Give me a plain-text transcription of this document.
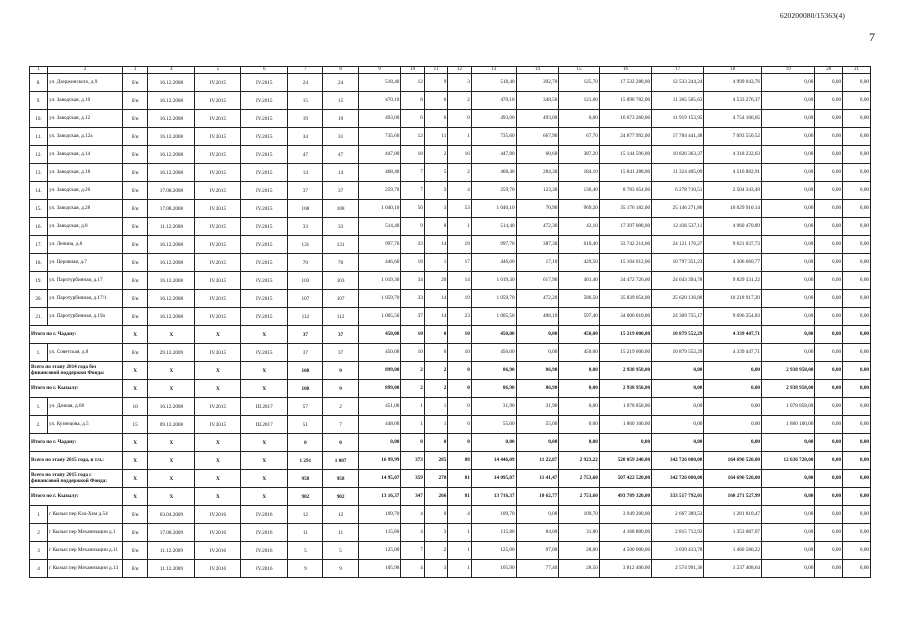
620200080/15363(4)
7
1	2	3	4	5	6	7	8	9	10	11	12	13	14	15	16	17	18	19	20	21
8.	ул. Дзержинского, д.9	б/н	16.12.2008	IV.2015	IV.2015	24	24	518,40	12	9	3	518,40	392,70	125,70	17 532 288,00	12 533 244,24	4 999 043,76	0,00	0,00	0,00
9.	ул. Заводская, д.10	б/н	16.12.2008	IV.2015	IV.2015	15	15	470,10	8	6	2	470,10	348,50	121,60	15 898 782,00	11 365 505,63	4 533 276,37	0,00	0,00	0,00
10.	ул. Заводская, д.12	б/н	16.12.2008	IV.2015	IV.2015	19	19	493,00	6	6	0	493,00	493,00	0,00	16 673 260,00	11 919 153,95	4 754 106,05	0,00	0,00	0,00
11.	ул. Заводская, д.12а	б/н	16.12.2008	IV.2015	IV.2015	34	31	735,60	12	11	1	735,60	667,90	67,70	24 877 992,00	17 784 441,48	7 093 550,52	0,00	0,00	0,00
12.	ул. Заводская, д.14	б/н	16.12.2008	IV.2015	IV.2015	47	47	447,80	18	2	16	447,80	60,60	387,20	15 144 596,00	10 826 363,37	4 318 232,63	0,00	0,00	0,00
13.	ул. Заводская, д.18	б/н	16.12.2008	IV.2015	IV.2015	14	14	468,40	7	5	2	468,40	284,30	184,10	15 841 288,00	11 324 405,09	4 516 882,91	0,00	0,00	0,00
14.	ул. Заводская, д.26	б/н	17.08.2008	IV.2015	IV.2015	37	37	259,70	7	3	4	259,70	123,30	136,40	8 783 054,00	6 278 710,51	2 504 343,49	0,00	0,00	0,00
15.	ул. Заводская, д.28	б/н	17.08.2008	IV.2015	IV.2015	108	108	1 040,10	56	3	53	1 040,10	70,90	969,20	35 176 182,00	25 146 271,86	10 029 910,14	0,00	0,00	0,00
16.	ул. Заводская, д.8	б/н	11.12.2008	IV.2015	IV.2015	33	33	514,40	9	8	1	514,40	472,30	42,10	17 397 008,00	12 436 537,11	4 960 470,89	0,00	0,00	0,00
17.	ул. Ленина, д.8	б/н	16.12.2008	IV.2015	IV.2015	131	131	997,70	33	14	19	997,70	387,30	610,40	33 742 214,00	24 121 176,27	9 621 037,73	0,00	0,00	0,00
18.	ул. Церовная, д.7	б/н	16.12.2008	IV.2015	IV.2015	70	70	446,60	18	1	17	446,60	17,10	429,50	15 104 012,00	10 797 351,23	4 306 660,77	0,00	0,00	0,00
19.	ул. Паротурбинная, д.17	б/н	16.12.2008	IV.2015	IV.2015	103	103	1 019,30	34	20	14	1 019,30	617,90	401,40	34 472 726,00	24 643 394,78	9 829 331,22	0,00	0,00	0,00
20.	ул. Паротурбинная, д.17/1	б/н	16.12.2008	IV.2015	IV.2015	107	107	1 059,70	33	14	19	1 059,70	472,20	586,50	35 839 054,00	25 620 136,80	10 218 917,20	0,00	0,00	0,00
21.	ул. Паротурбинная, д.19а	б/н	16.12.2008	IV.2015	IV.2015	112	112	1 005,50	37	14	23	1 005,50	408,10	597,40	34 006 010,00	24 309 755,17	9 696 254,83	0,00	0,00	0,00
Итого по г. Чадану:		X	X	X	X	37	37	450,00	10	0	10	450,00	0,00	450,00	15 219 000,00	10 879 552,29	4 339 447,71	0,00	0,00	0,00
1.	ул. Советская, д.8	б/н	29.12.2009	IV.2015	IV.2015	37	37	450,00	10	0	10	450,00	0,00	450,00	15 219 000,00	10 879 552,29	4 339 447,71	0,00	0,00	0,00
Всего по этапу 2014 года без финансовой поддержки Фонда:		X	X	X	X	108	9	899,00	2	2	0	86,90	86,90	0,00	2 938 958,00	0,00	0,00	2 938 958,00	0,00	0,00
Итого по г. Кызылу:		X	X	X	X	108	9	899,00	2	2	0	86,90	86,90	0,00	2 938 958,00	0,00	0,00	2 938 958,00	0,00	0,00
1.	ул. Дачная, д.68	10	16.12.2008	IV.2015	III.2017	57	2	451,00	1	1	0	31,90	31,90	0,00	1 078 858,00	0,00	0,00	1 078 858,00	0,00	0,00
2.	ул. Кузнецова, д.5	15	09.12.2008	IV.2015	III.2017	51	7	448,00	1	1	0	55,00	55,00	0,00	1 860 100,00	0,00	0,00	1 860 100,00	0,00	0,00
Итого по г. Чадану:		X	X	X	X	0	0	0,00	0	0	0	0,00	0,00	0,00	0,00	0,00	0,00	0,00	0,00	0,00
Всего по этапу 2015 года, в т.ч.:		X	X	X	X	1 291	1 007	16 99,99	373	285	88	14 446,09	11 22,87	2 923,22	520 059 240,00	342 726 000,00	164 696 520,00	12 636 720,00	0,00	0,00
Всего по этапу 2015 года с финансовой поддержкой Фонда:		X	X	X	X	958	958	14 95,07	359	278	81	14 095,07	11 41,47	2 753,60	507 422 520,00	342 726 000,00	164 696 520,00	0,00	0,00	0,00
Итого по г. Кызылу:		X	X	X	X	902	902	13 16,37	347	266	81	13 716,37	10 62,77	2 753,60	493 789 320,00	333 517 792,01	160 271 527,99	0,00	0,00	0,00
1	г Кызыл пер Кха-Хем д.54	б/н	03.04.2009	IV.2016	IV.2016	12	12	109,70	4	0	4	109,70	0,00	109,70	3 949 200,00	2 667 389,53	1 281 810,47	0,00	0,00	0,00
2	г Кызыл пер Механизации д.1	б/н	17.08.2009	IV.2016	IV.2016	11	11	115,80	4	3	1	115,80	84,00	31,80	4 168 800,00	2 815 712,93	1 353 087,07	0,00	0,00	0,00
3	г Кызыл пер Механизации д.11	б/н	11.12.2009	IV.2016	IV.2016	5	5	125,00	7	2	1	125,00	97,00	28,00	4 500 000,00	3 039 413,78	1 460 586,22	0,00	0,00	0,00
4	г Кызыл пер Механизации д.13	б/н	11.12.2009	IV.2016	IV.2016	9	9	105,90	4	3	1	105,90	77,40	28,50	3 812 400,00	2 574 991,36	1 237 408,64	0,00	0,00	0,00
